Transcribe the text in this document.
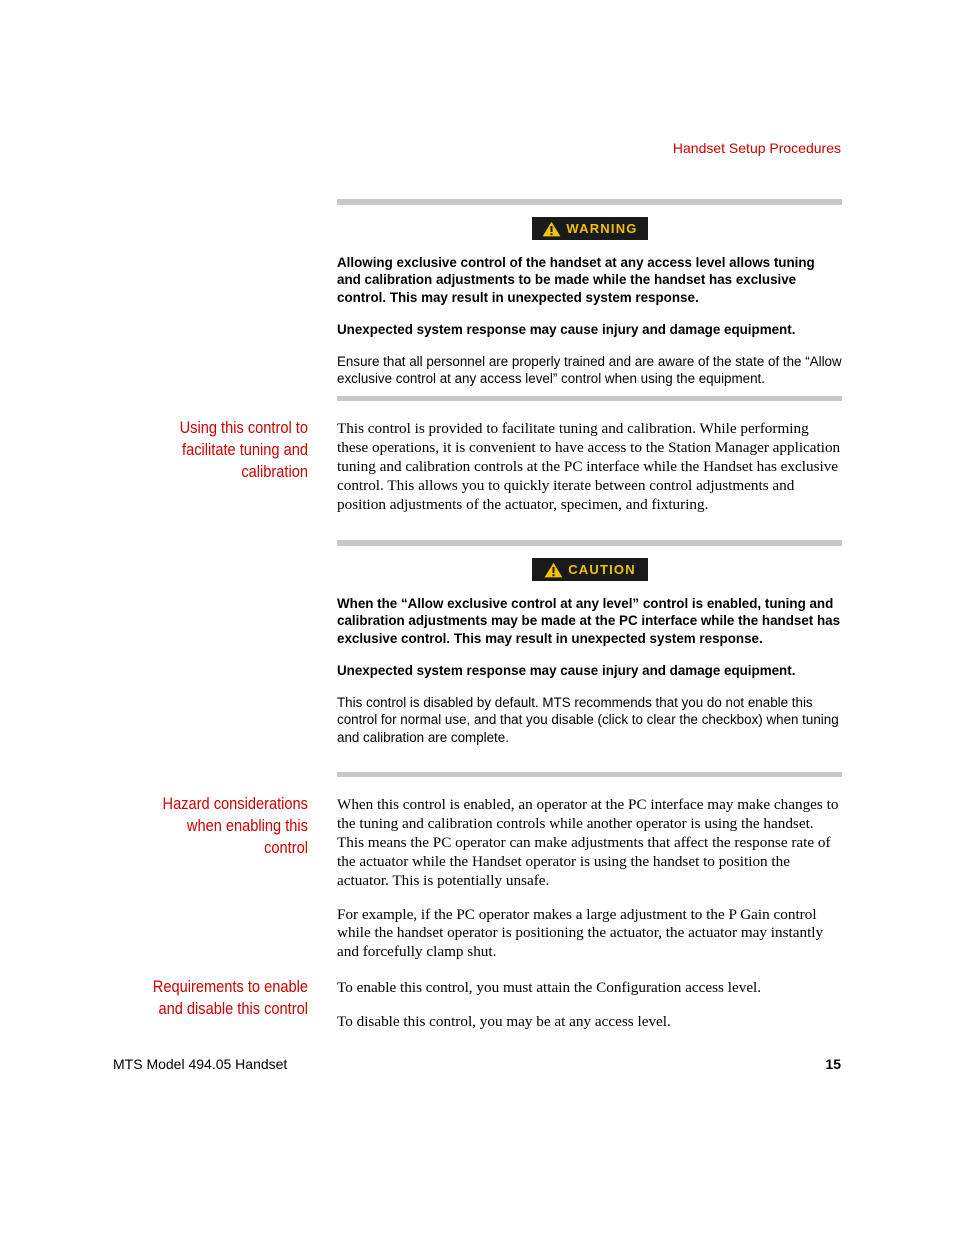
Handset Setup Procedures
WARNING

Allowing exclusive control of the handset at any access level allows tuning and calibration adjustments to be made while the handset has exclusive control. This may result in unexpected system response.

Unexpected system response may cause injury and damage equipment.

Ensure that all personnel are properly trained and are aware of the state of the “Allow exclusive control at any access level” control when using the equipment.

Using this control to facilitate tuning and calibration

This control is provided to facilitate tuning and calibration. While performing these operations, it is convenient to have access to the Station Manager application tuning and calibration controls at the PC interface while the Handset has exclusive control. This allows you to quickly iterate between control adjustments and position adjustments of the actuator, specimen, and fixturing.

CAUTION

When the “Allow exclusive control at any level” control is enabled, tuning and calibration adjustments may be made at the PC interface while the handset has exclusive control. This may result in unexpected system response.

Unexpected system response may cause injury and damage equipment.

This control is disabled by default. MTS recommends that you do not enable this control for normal use, and that you disable (click to clear the checkbox) when tuning and calibration are complete.

Hazard considerations when enabling this control

When this control is enabled, an operator at the PC interface may make changes to the tuning and calibration controls while another operator is using the handset. This means the PC operator can make adjustments that affect the response rate of the actuator while the Handset operator is using the handset to position the actuator. This is potentially unsafe.

For example, if the PC operator makes a large adjustment to the P Gain control while the handset operator is positioning the actuator, the actuator may instantly and forcefully clamp shut.

Requirements to enable and disable this control

To enable this control, you must attain the Configuration access level.

To disable this control, you may be at any access level.

MTS Model 494.05 Handset	15
